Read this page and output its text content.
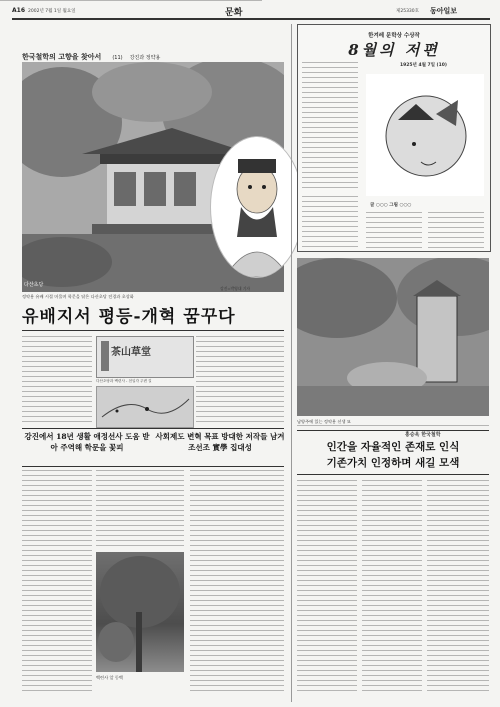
A16 2002년 7월 1일 월요일	문화	제25330호 동아일보
한국철학의 고향을 찾아서 (11) 강진과 정약용
다산초당
강진=박영대 기자
정약용 유배 시절 머물며 학문을 닦은 다산초당 전경과 초상화
유배지서 평등-개혁 꿈꾸다
茶山草堂
다산초당과 백련사 - 천일각 주변 길
강진에서 18년 생활 애정선사 도움 받아 주역해 학문을 꽃피
사회제도 변혁 목표 방대한 저작들 남겨 조선조 實學 집대성
백련사 앞 동백
한겨레 문학상 수상작
8월의 저편
1925년 4월 7일 (10)
글 ○○○ 그림 ○○○
남양주에 있는 정약용 선생 묘
홍승욱 한국철학
인간을 자율적인 존재로 인식
기존가치 인정하며 새길 모색
